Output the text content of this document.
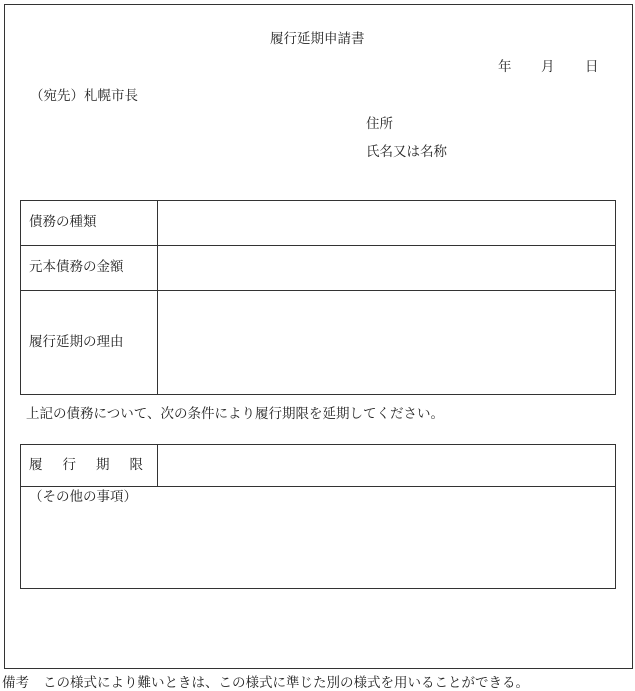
履行延期申請書
年 月 日
（宛先）札幌市長
住所
氏名又は名称
債務の種類	
元本債務の金額	
履行延期の理由	
上記の債務について、次の条件により履行期限を延期してください。
履行期限	
（その他の事項）
備考 この様式により難いときは、この様式に準じた別の様式を用いることができる。
